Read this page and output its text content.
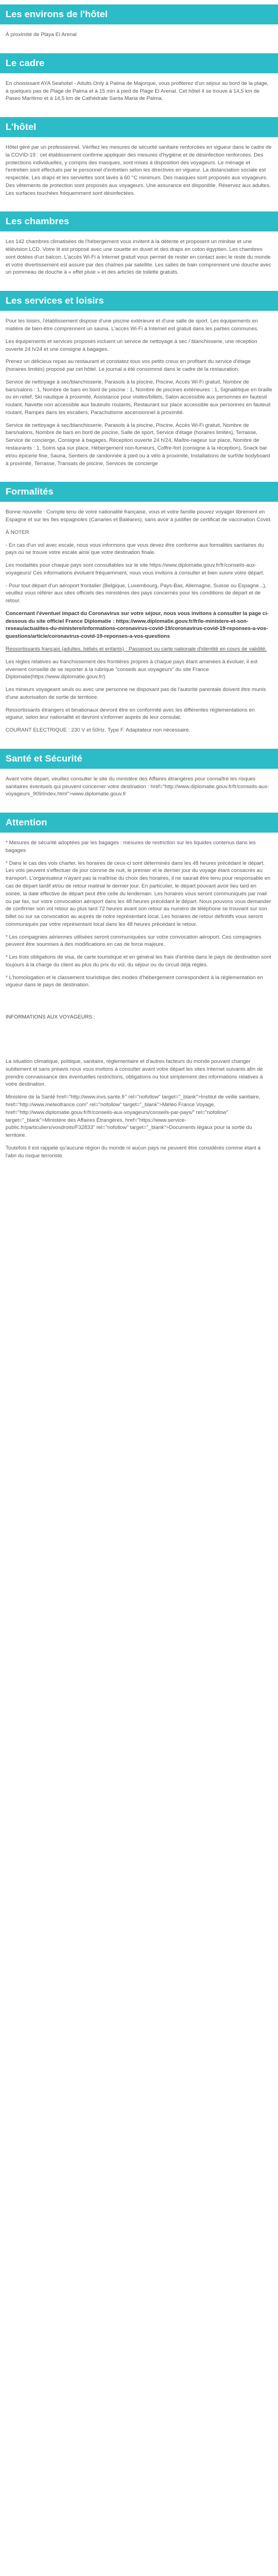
Les environs de l'hôtel

À proximité de Playa El Arenal

Le cadre

En choisissant AYA Seahotel - Adults Only à Palma de Majorque, vous profiterez d'un séjour au bord de la plage, à quelques pas de Plage de Palma et à 15 min à pied de Plage El Arenal. Cet hôtel 4 se trouve à 14,5 km de Paseo Marítimo et à 14,5 km de Cathédrale Santa Maria de Palma.

L'hôtel

Hôtel géré par un professionnel. Vérifiez les mesures de sécurité sanitaire renforcées en vigueur dans le cadre de la COVID-19 : cet établissement confirme appliquer des mesures d'hygiène et de désinfection renforcées. Des protections individuelles, y compris des masques, sont mises à disposition des voyageurs. Le ménage et l'entretien sont effectués par le personnel d'entretien selon les directives en vigueur. La distanciation sociale est respectée. Les draps et les serviettes sont lavés à 60 °C minimum. Des masques sont proposés aux voyageurs. Des vêtements de protection sont proposés aux voyageurs. Une assurance est disponible. Réservez aux adultes. Les surfaces touchées fréquemment sont désinfectées.

Les chambres

Les 142 chambres climatisées de l'hébergement vous invitent à la détente et proposent un minibar et une télévision LCD. Votre lit est proposé avec une couette en duvet et des draps en coton égyptien. Les chambres sont dotées d'un balcon. L'accès Wi-Fi à Internet gratuit vous permet de rester en contact avec le reste du monde et votre divertissement est assuré par des chaînes par satellite. Les salles de bain comprennent une douche avec un pommeau de douche à « effet pluie » et des articles de toilette gratuits.

Les services et loisirs

Pour les loisirs, l'établissement dispose d'une piscine extérieure et d'une salle de sport. Les équipements en matière de bien-être comprennent un sauna. L'accès Wi-Fi à Internet est gratuit dans les parties communes.

Les équipements et services proposés incluent un service de nettoyage à sec / blanchisserie, une réception ouverte 24 h/24 et une consigne à bagages.

Prenez un délicieux repas au restaurant et constatez tous vos petits creux en profitant du service d'étage (horaires limités) proposé par cet hôtel. Le journal a été consommé dans le cadre de la restauration.

Service de nettoyage à sec/blanchisserie, Parasols à la piscine, Piscine, Accès Wi-Fi gratuit, Nombre de bars/salons : 1, Nombre de bars en bord de piscine : 1, Nombre de piscines extérieures : 1, Signalétique en braille ou en relief, Ski nautique à proximité, Assistance pour visites/billets, Salon accessible aux personnes en fauteuil roulant, Navette non accessible aux fauteuils roulants, Restaurant sur place accessible aux personnes en fauteuil roulant, Rampes dans les escaliers, Parachutisme ascensionnel à proximité.

Service de nettoyage à sec/blanchisserie, Parasols à la piscine, Piscine, Accès Wi-Fi gratuit, Nombre de bars/salons, Nombre de bars en bord de piscine, Salle de sport, Service d'étage (horaires limités), Terrasse, Service de concierge, Consigne à bagages, Réception ouverte 24 h/24, Maître-nageur sur place, Nombre de restaurants : 1, Soins spa sur place, Hébergement non-fumeurs, Coffre-fort (consigne à la réception), Snack bar et/ou épicerie fine, Sauna, Sentiers de randonnée à pied ou à vélo à proximité, Installations de surf/de bodyboard à proximité, Terrasse, Transats de piscine, Services de concierge

Formalités

Bonne nouvelle : Compte tenu de votre nationalité française, vous et votre famille pouvez voyager librement en Espagne et sur les îles espagnoles (Canaries et Baléares), sans avoir à justifier de certificat de vaccination Covid.

À NOTER

- En cas d'un vol avec escale, nous vous informons que vous devez être conforme aux formalités sanitaires du pays où se trouve votre escale ainsi que votre destination finale.

Les modalités pour chaque pays sont consultables sur le site https://www.diplomatie.gouv.fr/fr/conseils-aux-voyageurs/ Ces informations évoluent fréquemment, nous vous invitons à consulter et bien suivre votre départ.

- Pour tout départ d'un aéroport frontalier (Belgique, Luxembourg, Pays-Bas, Allemagne, Suisse ou Espagne...), veuillez vous référer aux sites officiels des ministères des pays concernés pour les conditions de départ et de retour.

Concernant l'éventuel impact du Coronavirus sur votre séjour, nous vous invitons à consulter la page ci-dessous du site officiel France Diplomatie : https://www.diplomatie.gouv.fr/fr/le-ministere-et-son-reseau/actualites-du-ministere/informations-coronavirus-covid-19/coronavirus-covid-19-reponses-a-vos-questions/article/coronavirus-covid-19-reponses-a-vos-questions

Ressortissants français (adultes, bébés et enfants) : Passeport ou carte nationale d'identité en cours de validité.

Les règles relatives au franchissement des frontières propres à chaque pays étant amenées à évoluer, il est vivement conseillé de se reporter à la rubrique "conseils aux voyageurs" du site France Diplomatie(https://www.diplomatie.gouv.fr/)

Les mineurs voyageant seuls ou avec une personne ne disposant pas de l'autorité parentale doivent être munis d'une autorisation de sortie de territoire.

Ressortissants étrangers et binationaux devront être en conformité avec les différentes réglementations en vigueur, selon leur nationalité et devront s'informer auprès de leur consulat.

COURANT ELECTRIQUE : 230 V et 50Hz. Type F. Adaptateur non nécessaire.

Santé et Sécurité

Avant votre départ, veuillez consulter le site du ministère des Affaires étrangères pour connaître les risques sanitaires éventuels qui peuvent concerner votre destination : href="http://www.diplomatie.gouv.fr/fr/conseils-aux-voyageurs_909/index.html">www.diplomatie.gouv.fr

Attention

* Mesures de sécurité adoptées par les bagages : mesures de restriction sur les liquides contenus dans les bagages

* Dans le cas des vols charter, les horaires de ceux-ci sont déterminés dans les 48 heures précédant le départ. Les vols peuvent s'effectuer de jour comme de nuit, le premier et le dernier jour du voyage étant consacrés au transport. L'organisateur n'ayant pas la maîtrise du choix des horaires, il ne saurait être tenu pour responsable en cas de départ tardif et/ou de retour matinal le dernier jour. En particulier, le départ pouvant avoir lieu tard en soirée, la date effective de départ peut être celle du lendemain. Les horaires vous seront communiqués par mail ou par fax, sur votre convocation aéroport dans les 48 heures précédant le départ. Nous pouvons vous demander de confirmer son vol retour au plus tard 72 heures avant son retour au numéro de téléphone se trouvant sur son billet ou sur sa convocation au auprès de notre représentant local. Les horaires de retour définitifs vous seront communiqués par votre représentant local dans les 48 heures précédant le retour.

* Les compagnies aériennes utilisées seront communiquées sur votre convocation aéroport. Ces compagnies peuvent être soumises à des modifications en cas de force majeure.

* Les trois obligations de visa, de carte touristique et en général les frais d'entrée dans le pays de destination sont toujours à la charge du client au plus du prix du vol, du séjour ou du circuit déjà réglés.

* L'homologation et le classement touristique des modes d'hébergement correspondent à la réglementation en vigueur dans le pays de destination.

INFORMATIONS AUX VOYAGEURS :

La situation climatique, politique, sanitaire, réglementaire et d'autres facteurs du monde pouvant changer subitement et sans préavis nous vous invitons à consulter avant votre départ les sites Internet suivants afin de prendre connaissance des éventuelles restrictions, obligations ou tout simplement des informations relatives à votre destination.

Ministère de la Santé href="http://www.invs.sante.fr" rel="nofollow" target="_blank">Institut de veille sanitaire, href="http://www.meteofrance.com" rel="nofollow" target="_blank">Météo France Voyage, href="http://www.diplomatie.gouv.fr/fr/conseils-aux-voyageurs/conseils-par-pays/" rel="nofollow" target="_blank">Ministère des Affaires Étrangères, href="https://www.service-public.fr/particuliers/vosdroits/F32833" rel="nofollow" target="_blank">Documents légaux pour la sortie du territoire.

Toutefois il est rappelé qu'aucune région du monde ni aucun pays ne peuvent être considérés comme étant à l'abri du risque terroriste.
